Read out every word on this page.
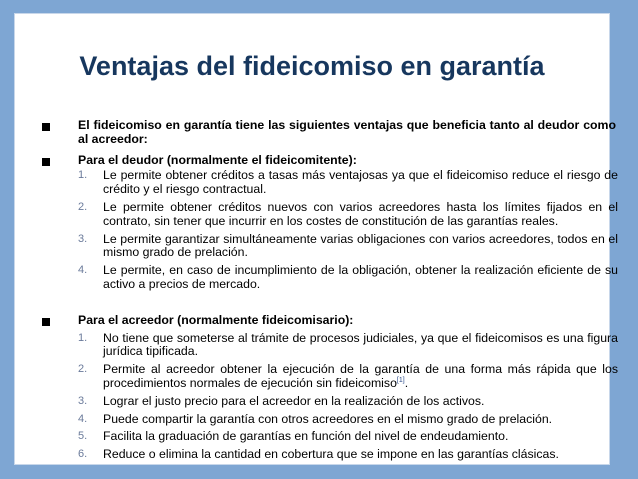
Ventajas del fideicomiso en garantía
El fideicomiso en garantía tiene las siguientes ventajas que beneficia tanto al deudor como al acreedor:
Para el deudor (normalmente el fideicomitente):
1. Le permite obtener créditos a tasas más ventajosas ya que el fideicomiso reduce el riesgo de crédito y el riesgo contractual.
2. Le permite obtener créditos nuevos con varios acreedores hasta los límites fijados en el contrato, sin tener que incurrir en los costes de constitución de las garantías reales.
3. Le permite garantizar simultáneamente varias obligaciones con varios acreedores, todos en el mismo grado de prelación.
4. Le permite, en caso de incumplimiento de la obligación, obtener la realización eficiente de su activo a precios de mercado.
Para el acreedor (normalmente fideicomisario):
1. No tiene que someterse al trámite de procesos judiciales, ya que el fideicomisos es una figura jurídica tipificada.
2. Permite al acreedor obtener la ejecución de la garantía de una forma más rápida que los procedimientos normales de ejecución sin fideicomiso[1].
3. Lograr el justo precio para el acreedor en la realización de los activos.
4. Puede compartir la garantía con otros acreedores en el mismo grado de prelación.
5. Facilita la graduación de garantías en función del nivel de endeudamiento.
6. Reduce o elimina la cantidad en cobertura que se impone en las garantías clásicas.
